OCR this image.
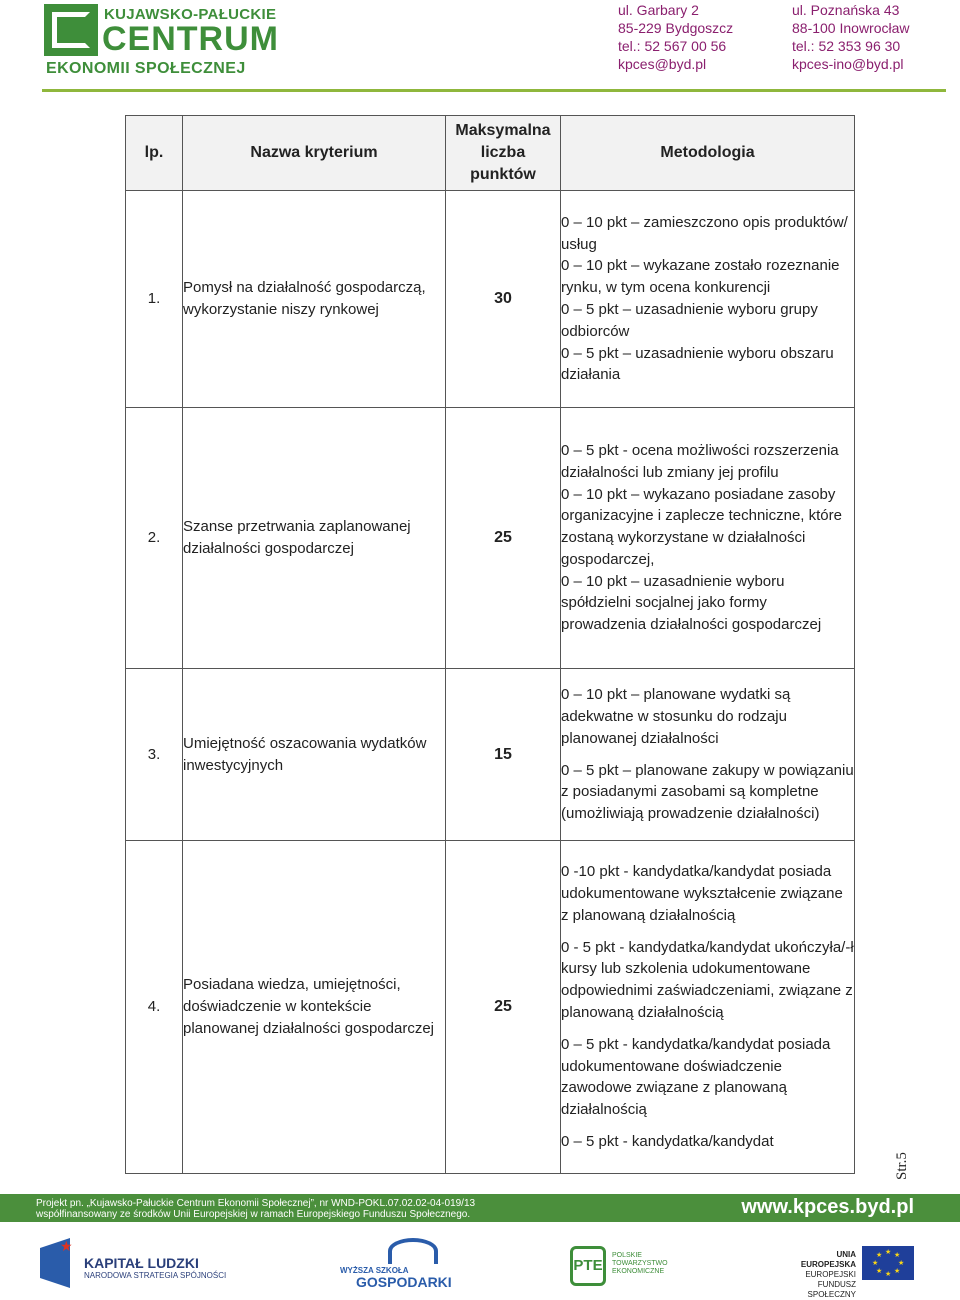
KUJAWSKO-PAŁUCKIE
CENTRUM
EKONOMII SPOŁECZNEJ
ul. Garbary 2
85-229 Bydgoszcz
tel.: 52 567 00 56
kpces@byd.pl
ul. Poznańska 43
88-100 Inowrocław
tel.: 52 353 96 30
kpces-ino@byd.pl
lp.	Nazwa kryterium	Maksymalna
liczba
punktów	Metodologia
1.	Pomysł na działalność gospodarczą, wykorzystanie niszy rynkowej	30	0 – 10 pkt – zamieszczono opis produktów/ usług
0 – 10 pkt – wykazane zostało rozeznanie rynku, w tym ocena konkurencji
0 – 5 pkt – uzasadnienie wyboru grupy odbiorców
0 – 5 pkt – uzasadnienie wyboru obszaru działania

2.	Szanse przetrwania zaplanowanej działalności gospodarczej	25	0 – 5 pkt - ocena możliwości rozszerzenia działalności lub zmiany jej profilu
0 – 10 pkt – wykazano posiadane zasoby organizacyjne i zaplecze techniczne, które zostaną wykorzystane w działalności gospodarczej,
0 – 10 pkt – uzasadnienie wyboru spółdzielni socjalnej jako formy prowadzenia działalności gospodarczej

3.	Umiejętność oszacowania wydatków inwestycyjnych	15	0 – 10 pkt – planowane wydatki są adekwatne w stosunku do rodzaju planowanej działalności
0 – 5 pkt – planowane zakupy w powiązaniu z posiadanymi zasobami są kompletne (umożliwiają prowadzenie działalności)

4.	Posiadana wiedza, umiejętności, doświadczenie w kontekście planowanej działalności gospodarczej	25	0 -10 pkt - kandydatka/kandydat posiada udokumentowane wykształcenie związane z planowaną działalnością
0 - 5 pkt - kandydatka/kandydat ukończyła/-ł kursy lub szkolenia udokumentowane odpowiednimi zaświadczeniami, związane z planowaną działalnością
0 – 5 pkt - kandydatka/kandydat posiada udokumentowane doświadczenie zawodowe związane z planowaną działalnością
0 – 5 pkt - kandydatka/kandydat
Str.5
Projekt pn. „Kujawsko-Pałuckie Centrum Ekonomii Społecznej”, nr WND-POKL.07.02.02-04-019/13
współfinansowany ze środków Unii Europejskiej w ramach Europejskiego Funduszu Społecznego.	www.kpces.byd.pl
★
KAPITAŁ LUDZKI
NARODOWA STRATEGIA SPÓJNOŚCI
WYŻSZA SZKOŁA
GOSPODARKI
PTE
POLSKIE
TOWARZYSTWO
EKONOMICZNE
UNIA EUROPEJSKA
EUROPEJSKI
FUNDUSZ SPOŁECZNY
★ ★
★
★
★
★
★
★
